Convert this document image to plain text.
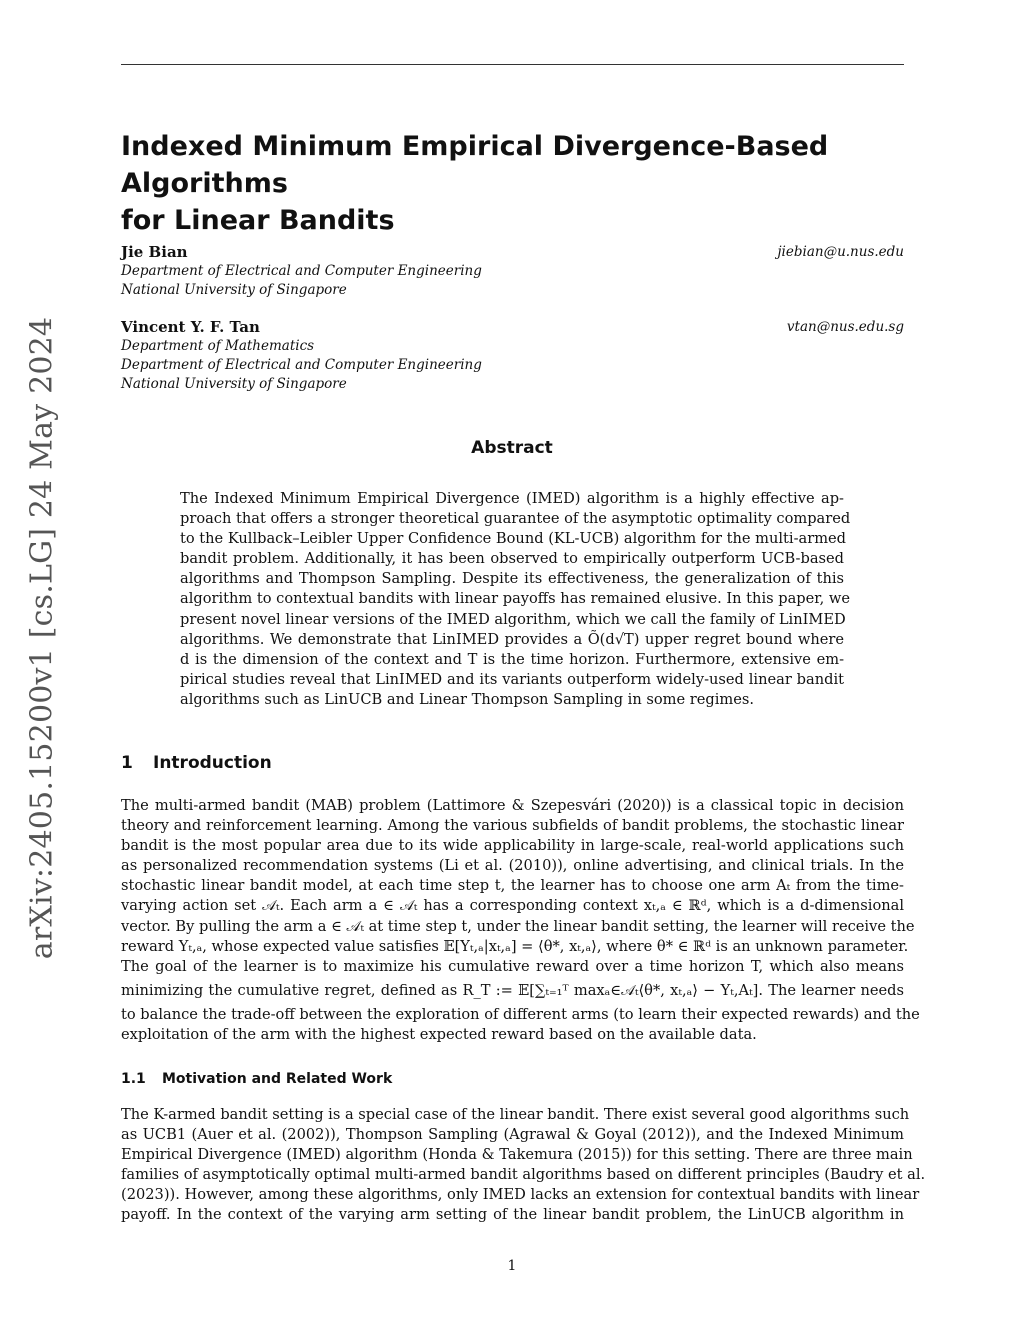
arXiv:2405.15200v1 [cs.LG] 24 May 2024
Indexed Minimum Empirical Divergence-Based Algorithms
for Linear Bandits
Jie Bian	jiebian@u.nus.edu
Department of Electrical and Computer Engineering
National University of Singapore
Vincent Y. F. Tan	vtan@nus.edu.sg
Department of Mathematics
Department of Electrical and Computer Engineering
National University of Singapore
Abstract
The Indexed Minimum Empirical Divergence (IMED) algorithm is a highly effective ap-
proach that offers a stronger theoretical guarantee of the asymptotic optimality compared
to the Kullback–Leibler Upper Confidence Bound (KL-UCB) algorithm for the multi-armed
bandit problem. Additionally, it has been observed to empirically outperform UCB-based
algorithms and Thompson Sampling. Despite its effectiveness, the generalization of this
algorithm to contextual bandits with linear payoffs has remained elusive. In this paper, we
present novel linear versions of the IMED algorithm, which we call the family of LinIMED
algorithms. We demonstrate that LinIMED provides a Õ(d√T) upper regret bound where
d is the dimension of the context and T is the time horizon. Furthermore, extensive em-
pirical studies reveal that LinIMED and its variants outperform widely-used linear bandit
algorithms such as LinUCB and Linear Thompson Sampling in some regimes.
1 Introduction
The multi-armed bandit (MAB) problem (Lattimore & Szepesvári (2020)) is a classical topic in decision
theory and reinforcement learning. Among the various subfields of bandit problems, the stochastic linear
bandit is the most popular area due to its wide applicability in large-scale, real-world applications such
as personalized recommendation systems (Li et al. (2010)), online advertising, and clinical trials. In the
stochastic linear bandit model, at each time step t, the learner has to choose one arm Aₜ from the time-
varying action set 𝒜ₜ. Each arm a ∈ 𝒜ₜ has a corresponding context xₜ,ₐ ∈ ℝᵈ, which is a d-dimensional
vector. By pulling the arm a ∈ 𝒜ₜ at time step t, under the linear bandit setting, the learner will receive the
reward Yₜ,ₐ, whose expected value satisfies 𝔼[Yₜ,ₐ|xₜ,ₐ] = ⟨θ*, xₜ,ₐ⟩, where θ* ∈ ℝᵈ is an unknown parameter.
The goal of the learner is to maximize his cumulative reward over a time horizon T, which also means
minimizing the cumulative regret, defined as R_T := 𝔼[∑ₜ₌₁ᵀ maxₐ∈𝒜ₜ⟨θ*, xₜ,ₐ⟩ − Yₜ,Aₜ]. The learner needs
to balance the trade-off between the exploration of different arms (to learn their expected rewards) and the
exploitation of the arm with the highest expected reward based on the available data.
1.1 Motivation and Related Work
The K-armed bandit setting is a special case of the linear bandit. There exist several good algorithms such
as UCB1 (Auer et al. (2002)), Thompson Sampling (Agrawal & Goyal (2012)), and the Indexed Minimum
Empirical Divergence (IMED) algorithm (Honda & Takemura (2015)) for this setting. There are three main
families of asymptotically optimal multi-armed bandit algorithms based on different principles (Baudry et al.
(2023)). However, among these algorithms, only IMED lacks an extension for contextual bandits with linear
payoff. In the context of the varying arm setting of the linear bandit problem, the LinUCB algorithm in
1
